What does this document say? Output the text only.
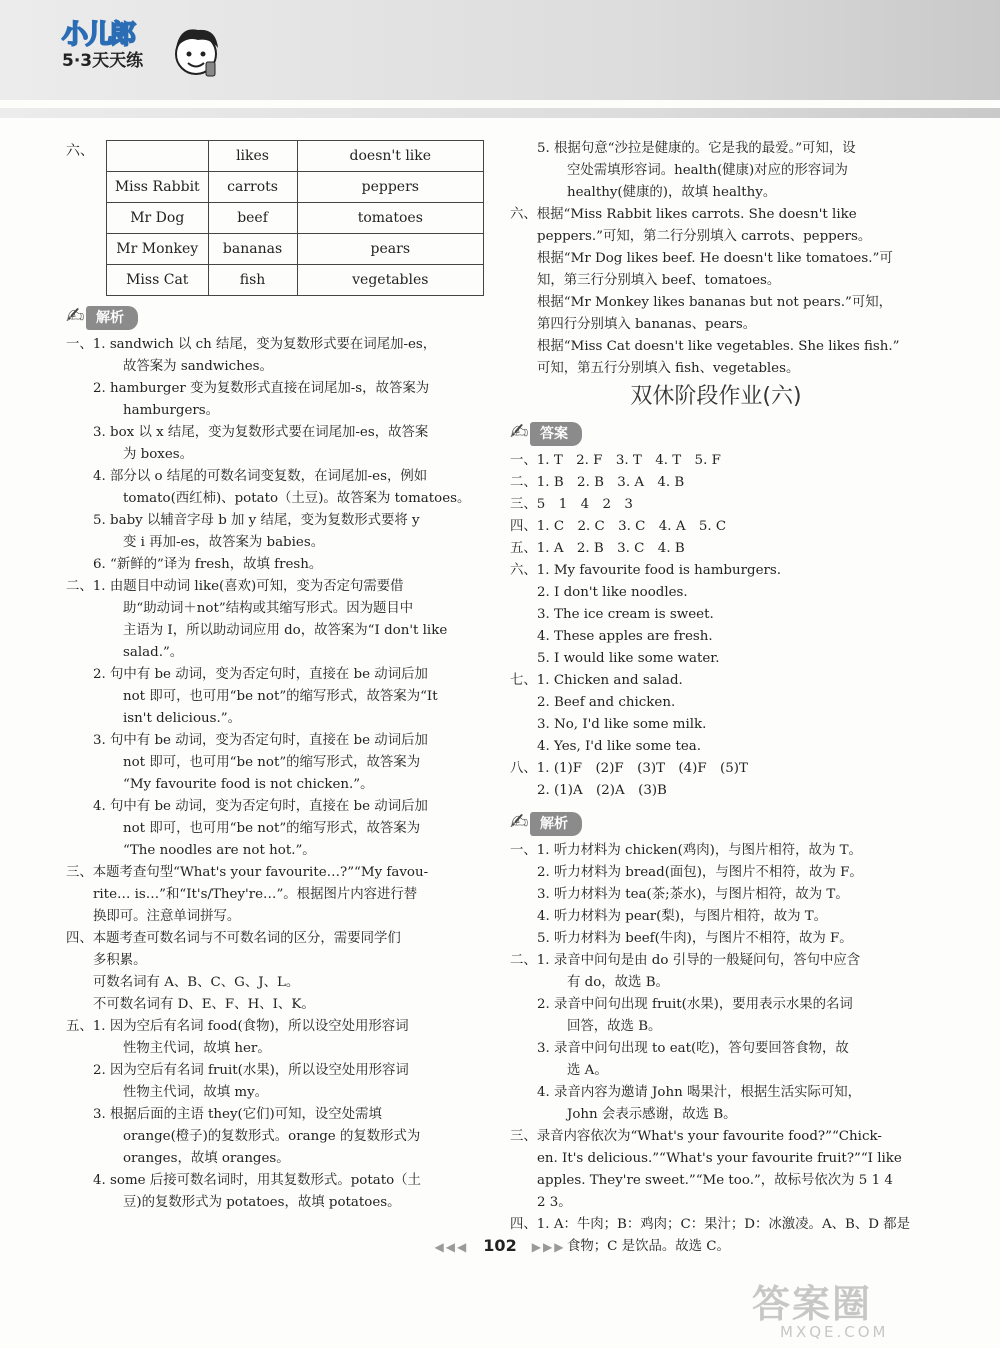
小儿郎
5·3天天练
六、
		likes	doesn't like
Miss Rabbit	carrots	peppers
Mr Dog	beef	tomatoes
Mr Monkey	bananas	pears
Miss Cat	fish	vegetables
✍ 解析

一、1. sandwich 以 ch 结尾，变为复数形式要在词尾加-es，

故答案为 sandwiches。

2. hamburger 变为复数形式直接在词尾加-s，故答案为

hamburgers。

3. box 以 x 结尾，变为复数形式要在词尾加-es，故答案

为 boxes。

4. 部分以 o 结尾的可数名词变复数，在词尾加-es，例如

tomato(西红柿)、potato（土豆)。故答案为 tomatoes。

5. baby 以辅音字母 b 加 y 结尾，变为复数形式要将 y

变 i 再加-es，故答案为 babies。

6. “新鲜的”译为 fresh，故填 fresh。

二、1. 由题目中动词 like(喜欢)可知，变为否定句需要借

助“助动词＋not”结构或其缩写形式。因为题目中

主语为 I，所以助动词应用 do，故答案为“I don't like

salad.”。

2. 句中有 be 动词，变为否定句时，直接在 be 动词后加

not 即可，也可用“be not”的缩写形式，故答案为“It

isn't delicious.”。

3. 句中有 be 动词，变为否定句时，直接在 be 动词后加

not 即可，也可用“be not”的缩写形式，故答案为

“My favourite food is not chicken.”。

4. 句中有 be 动词，变为否定句时，直接在 be 动词后加

not 即可，也可用“be not”的缩写形式，故答案为

“The noodles are not hot.”。

三、本题考查句型“What's your favourite…?”“My favou-

rite… is…”和“It's/They're…”。根据图片内容进行替

换即可。注意单词拼写。

四、本题考查可数名词与不可数名词的区分，需要同学们

多积累。

可数名词有 A、B、C、G、J、L。

不可数名词有 D、E、F、H、I、K。

五、1. 因为空后有名词 food(食物)，所以设空处用形容词

性物主代词，故填 her。

2. 因为空后有名词 fruit(水果)，所以设空处用形容词

性物主代词，故填 my。

3. 根据后面的主语 they(它们)可知，设空处需填

orange(橙子)的复数形式。orange 的复数形式为

oranges，故填 oranges。

4. some 后接可数名词时，用其复数形式。potato（土

豆)的复数形式为 potatoes，故填 potatoes。

5. 根据句意“沙拉是健康的。它是我的最爱。”可知，设

空处需填形容词。health(健康)对应的形容词为

healthy(健康的)，故填 healthy。

六、根据“Miss Rabbit likes carrots. She doesn't like

peppers.”可知，第二行分别填入 carrots、peppers。

根据“Mr Dog likes beef. He doesn't like tomatoes.”可

知，第三行分别填入 beef、tomatoes。

根据“Mr Monkey likes bananas but not pears.”可知，

第四行分别填入 bananas、pears。

根据“Miss Cat doesn't like vegetables. She likes fish.”

可知，第五行分别填入 fish、vegetables。

双休阶段作业(六)
✍ 答案

一、1. T　2. F　3. T　4. T　5. F

二、1. B　2. B　3. A　4. B

三、5　1　4　2　3

四、1. C　2. C　3. C　4. A　5. C

五、1. A　2. B　3. C　4. B

六、1. My favourite food is hamburgers.

2. I don't like noodles.

3. The ice cream is sweet.

4. These apples are fresh.

5. I would like some water.

七、1. Chicken and salad.

2. Beef and chicken.

3. No, I'd like some milk.

4. Yes, I'd like some tea.

八、1. (1)F　(2)F　(3)T　(4)F　(5)T

2. (1)A　(2)A　(3)B

✍ 解析

一、1. 听力材料为 chicken(鸡肉)，与图片相符，故为 T。

2. 听力材料为 bread(面包)，与图片不相符，故为 F。

3. 听力材料为 tea(茶;茶水)，与图片相符，故为 T。

4. 听力材料为 pear(梨)，与图片相符，故为 T。

5. 听力材料为 beef(牛肉)，与图片不相符，故为 F。

二、1. 录音中问句是由 do 引导的一般疑问句，答句中应含

有 do，故选 B。

2. 录音中问句出现 fruit(水果)，要用表示水果的名词

回答，故选 B。

3. 录音中问句出现 to eat(吃)，答句要回答食物，故

选 A。

4. 录音内容为邀请 John 喝果汁，根据生活实际可知，

John 会表示感谢，故选 B。

三、录音内容依次为“What's your favourite food?”“Chick-

en. It's delicious.”“What's your favourite fruit?”“I like

apples. They're sweet.”“Me too.”，故标号依次为 5 1 4

2 3。

四、1. A：牛肉；B：鸡肉；C：果汁；D：冰激凌。A、B、D 都是

食物；C 是饮品。故选 C。

◀◀◀ 102 ▶▶▶
答案圈
MXQE.COM
